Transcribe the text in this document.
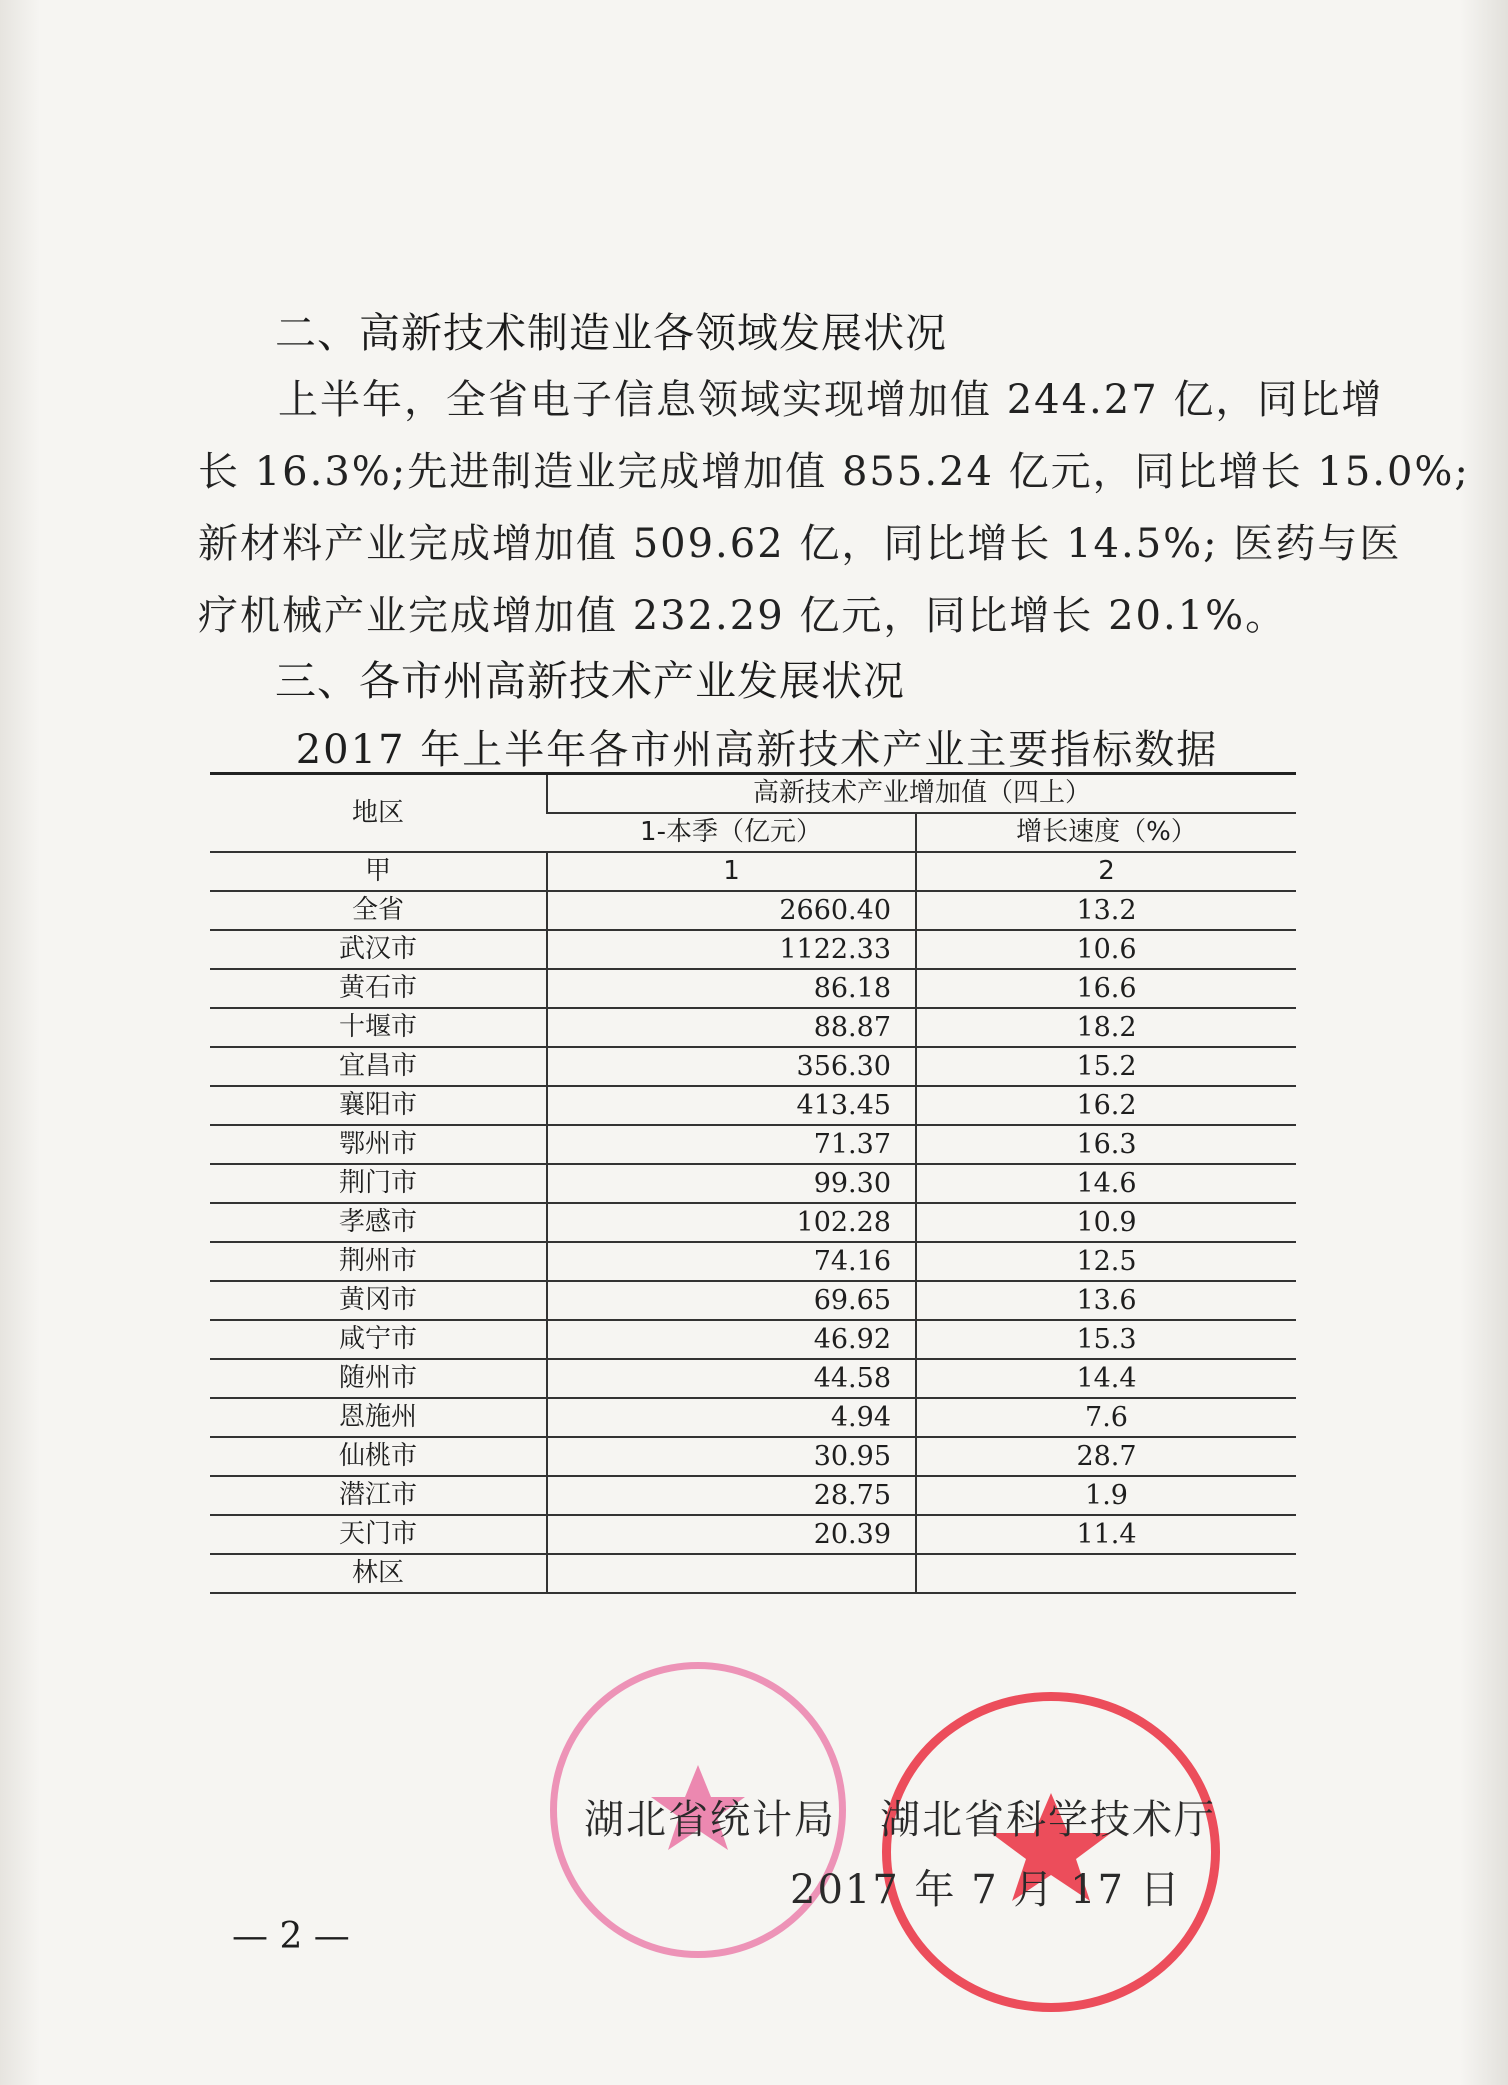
二、高新技术制造业各领域发展状况
上半年，全省电子信息领域实现增加值 244.27 亿，同比增
长 16.3%;先进制造业完成增加值 855.24 亿元，同比增长 15.0%;
新材料产业完成增加值 509.62 亿，同比增长 14.5%; 医药与医
疗机械产业完成增加值 232.29 亿元，同比增长 20.1%。
三、各市州高新技术产业发展状况
2017 年上半年各市州高新技术产业主要指标数据
地区	高新技术产业增加值（四上）	
	1-本季（亿元）	增长速度（%）
甲	1	2
全省	2660.40	13.2
武汉市	1122.33	10.6
黄石市	86.18	16.6
十堰市	88.87	18.2
宜昌市	356.30	15.2
襄阳市	413.45	16.2
鄂州市	71.37	16.3
荆门市	99.30	14.6
孝感市	102.28	10.9
荆州市	74.16	12.5
黄冈市	69.65	13.6
咸宁市	46.92	15.3
随州市	44.58	14.4
恩施州	4.94	7.6
仙桃市	30.95	28.7
潜江市	28.75	1.9
天门市	20.39	11.4
林区		
湖北省统计局 湖北省科学技术厅
2017 年 7 月 17 日
— 2 —
